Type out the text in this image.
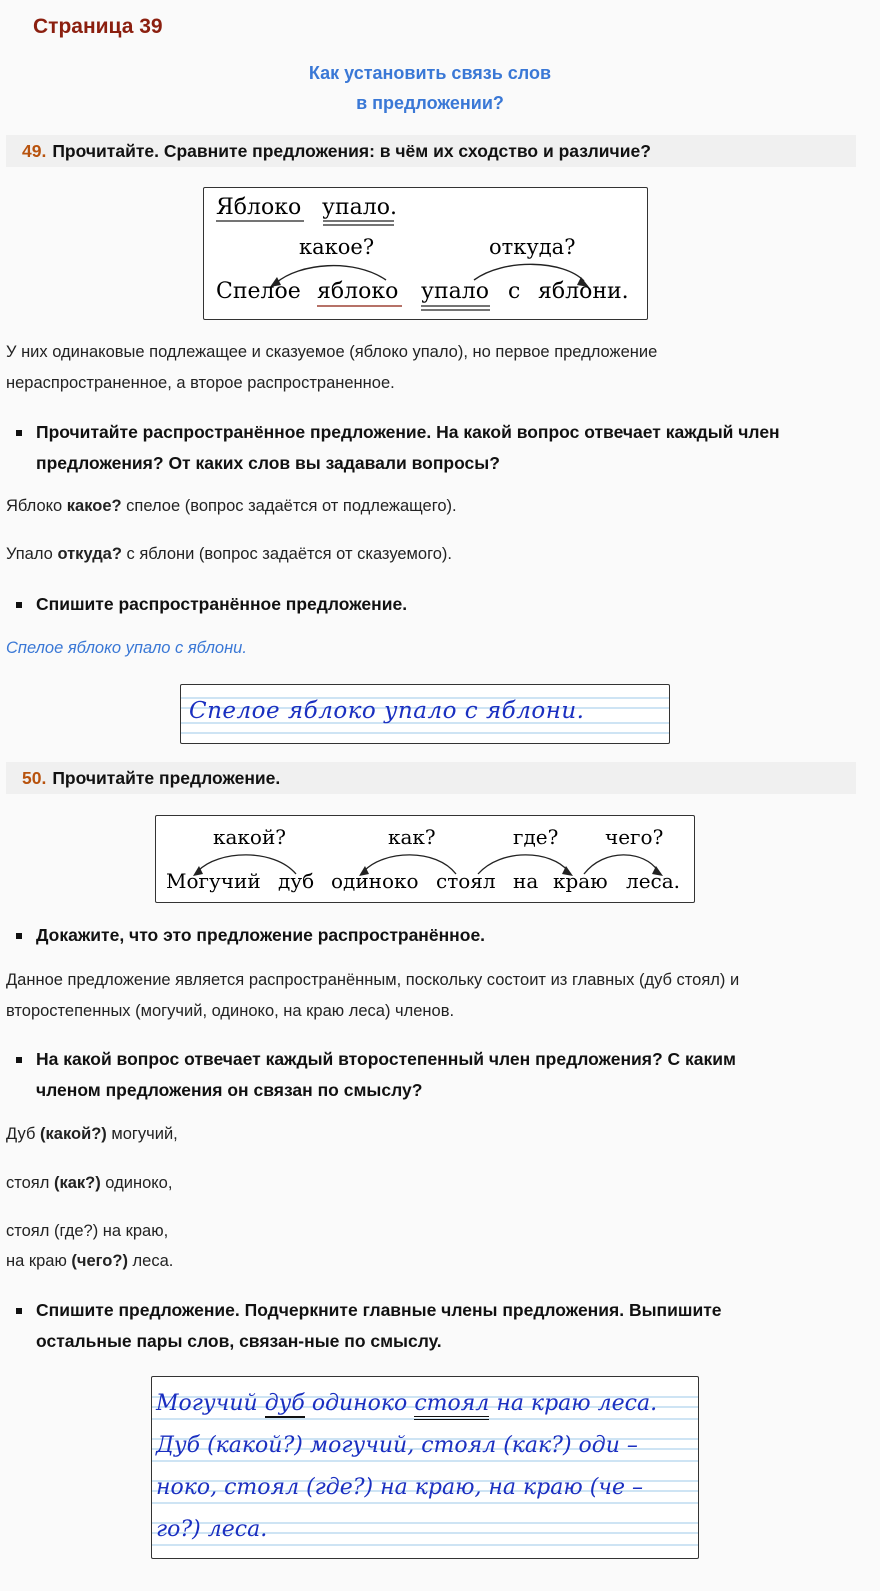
Страница 39
Как установить связь слов
в предложении?
49. Прочитайте. Сравните предложения: в чём их сходство и различие?
Яблоко упало.
какое?	откуда?
Спелое яблоко упало с яблони.
У них одинаковые подлежащее и сказуемое (яблоко упало), но первое предложение
нераспространенное, а второе распространенное.
Прочитайте распространённое предложение. На какой вопрос отвечает каждый член
предложения? От каких слов вы задавали вопросы?
Яблоко какое? спелое (вопрос задаётся от подлежащего).
Упало откуда? с яблони (вопрос задаётся от сказуемого).
Спишите распространённое предложение.
Спелое яблоко упало с яблони.
Спелое яблоко упало с яблони.
50. Прочитайте предложение.
какой?	как?	где? чего?
Могучий дуб одиноко стоял на краю леса.
Докажите, что это предложение распространённое.
Данное предложение является распространённым, поскольку состоит из главных (дуб стоял) и
второстепенных (могучий, одиноко, на краю леса) членов.
На какой вопрос отвечает каждый второстепенный член предложения? С каким
членом предложения он связан по смыслу?
Дуб (какой?) могучий,
стоял (как?) одиноко,
стоял (где?) на краю,
на краю (чего?) леса.
Спишите предложение. Подчеркните главные члены предложения. Выпишите
остальные пары слов, связан-ные по смыслу.
Могучий дуб одиноко стоял на краю леса.
Дуб (какой?) могучий, стоял (как?) оди –
ноко, стоял (где?) на краю, на краю (че –
го?) леса.
